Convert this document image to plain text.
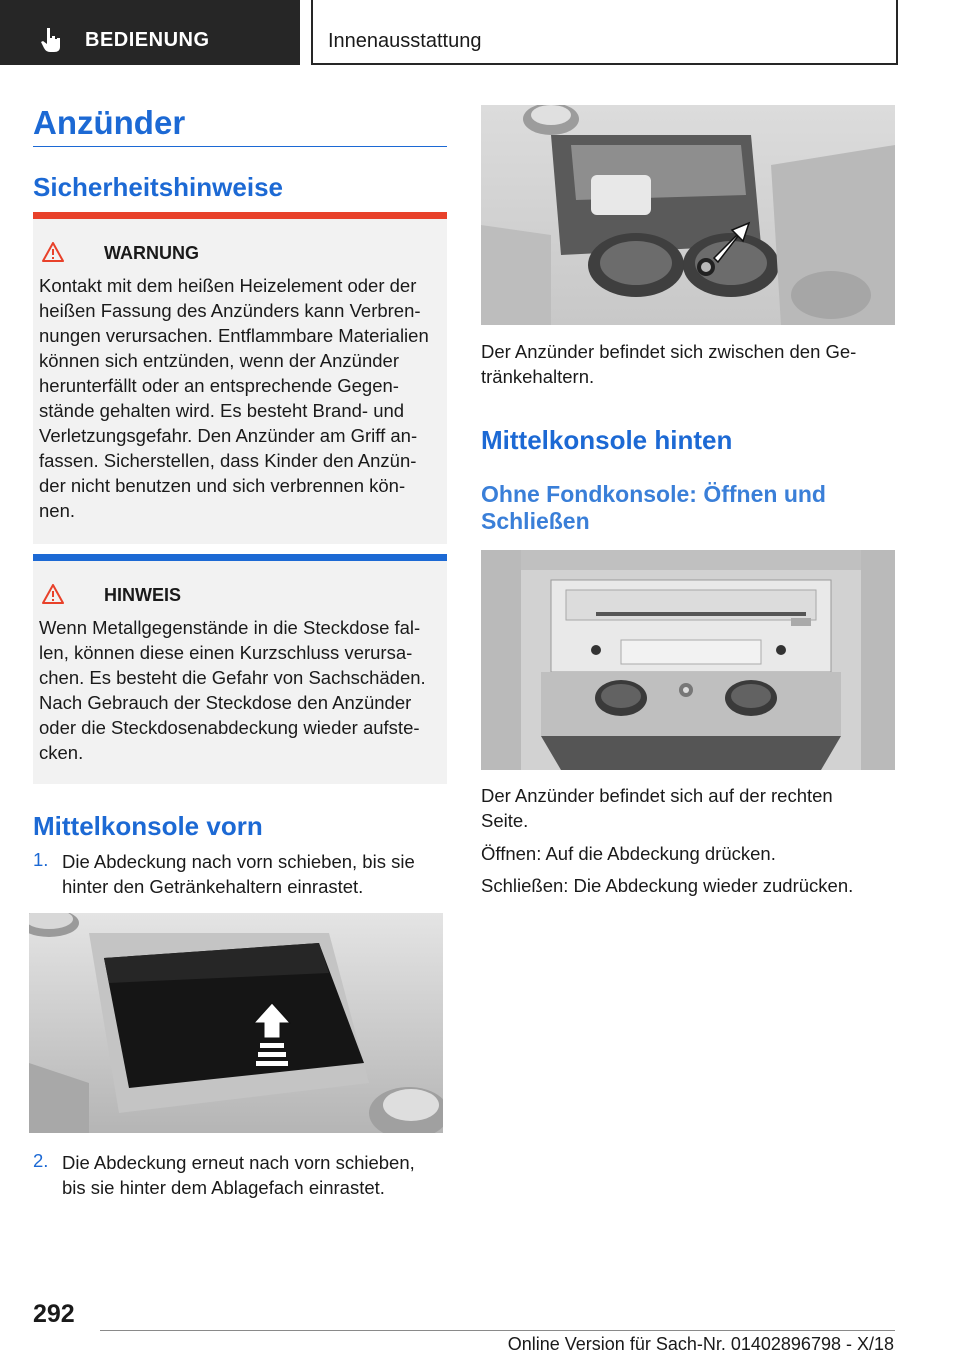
BEDIENUNG	Innenausstattung
Anzünder
Sicherheitshinweise
WARNUNG
Kontakt mit dem heißen Heizelement oder der
heißen Fassung des Anzünders kann Verbren-
nungen verursachen. Entflammbare Materialien
können sich entzünden, wenn der Anzünder
herunterfällt oder an entsprechende Gegen-
stände gehalten wird. Es besteht Brand- und
Verletzungsgefahr. Den Anzünder am Griff an-
fassen. Sicherstellen, dass Kinder den Anzün-
der nicht benutzen und sich verbrennen kön-
nen.
HINWEIS
Wenn Metallgegenstände in die Steckdose fal-
len, können diese einen Kurzschluss verursa-
chen. Es besteht die Gefahr von Sachschäden.
Nach Gebrauch der Steckdose den Anzünder
oder die Steckdosenabdeckung wieder aufste-
cken.
Mittelkonsole vorn
1. Die Abdeckung nach vorn schieben, bis sie
hinter den Getränkehaltern einrastet.
2. Die Abdeckung erneut nach vorn schieben,
bis sie hinter dem Ablagefach einrastet.
Der Anzünder befindet sich zwischen den Ge-
tränkehaltern.
Mittelkonsole hinten
Ohne Fondkonsole: Öffnen und
Schließen
Der Anzünder befindet sich auf der rechten
Seite.
Öffnen: Auf die Abdeckung drücken.
Schließen: Die Abdeckung wieder zudrücken.
292
Online Version für Sach-Nr. 01402896798 - X/18
